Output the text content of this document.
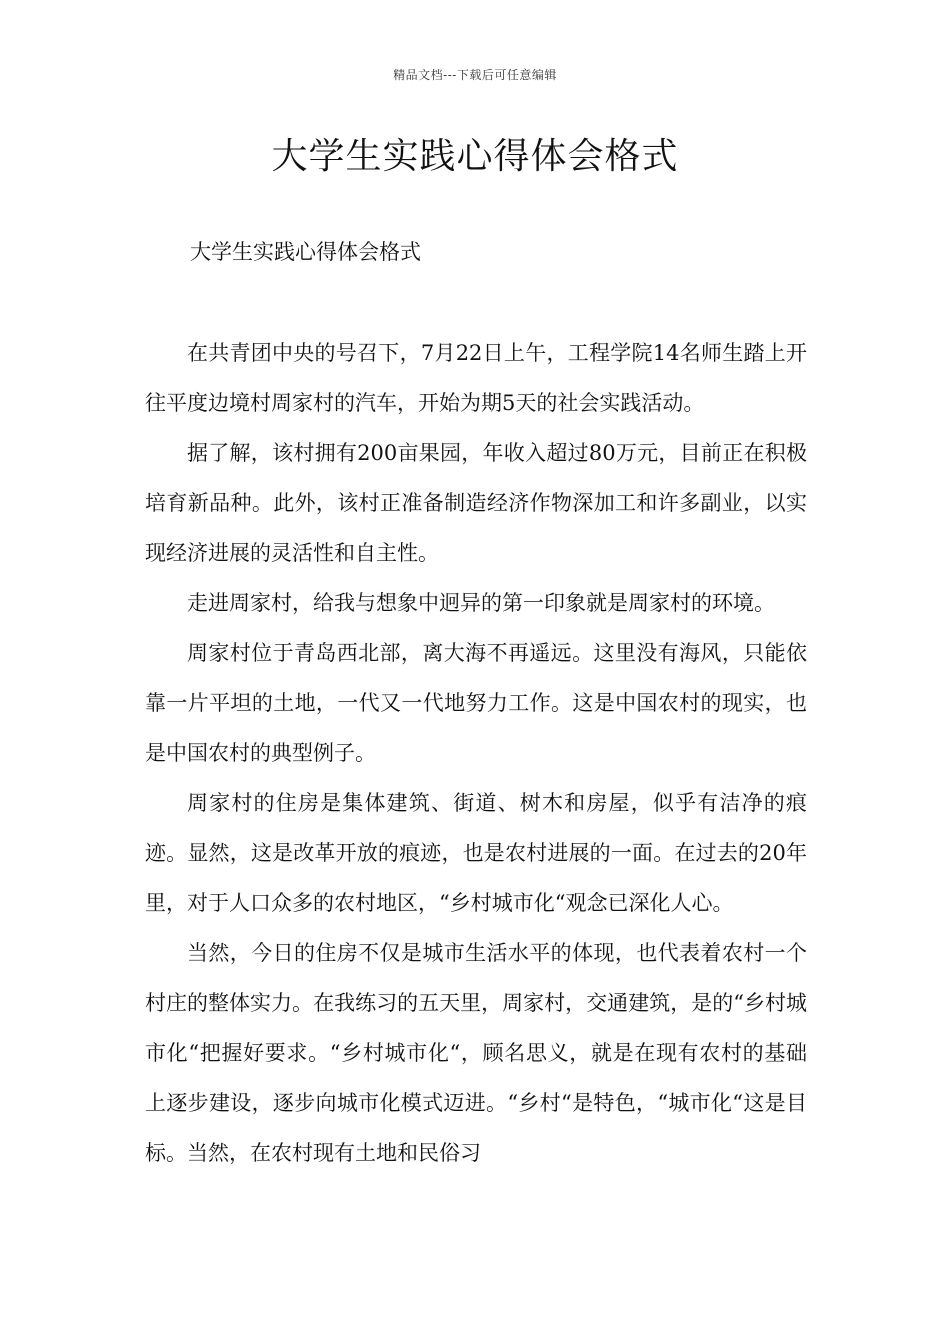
精品文档---下载后可任意编辑
大学生实践心得体会格式

大学生实践心得体会格式

在共青团中央的号召下，7月22日上午，工程学院14名师生踏上开往平度边境村周家村的汽车，开始为期5天的社会实践活动。

据了解，该村拥有200亩果园，年收入超过80万元，目前正在积极培育新品种。此外，该村正准备制造经济作物深加工和许多副业，以实现经济进展的灵活性和自主性。

走进周家村，给我与想象中迥异的第一印象就是周家村的环境。

周家村位于青岛西北部，离大海不再遥远。这里没有海风，只能依靠一片平坦的土地，一代又一代地努力工作。这是中国农村的现实，也是中国农村的典型例子。

周家村的住房是集体建筑、街道、树木和房屋，似乎有洁净的痕迹。显然，这是改革开放的痕迹，也是农村进展的一面。在过去的20年里，对于人口众多的农村地区，“乡村城市化“观念已深化人心。

当然，今日的住房不仅是城市生活水平的体现，也代表着农村一个村庄的整体实力。在我练习的五天里，周家村，交通建筑，是的“乡村城市化“把握好要求。“乡村城市化“，顾名思义，就是在现有农村的基础上逐步建设，逐步向城市化模式迈进。“乡村“是特色，“城市化“这是目标。当然，在农村现有土地和民俗习
